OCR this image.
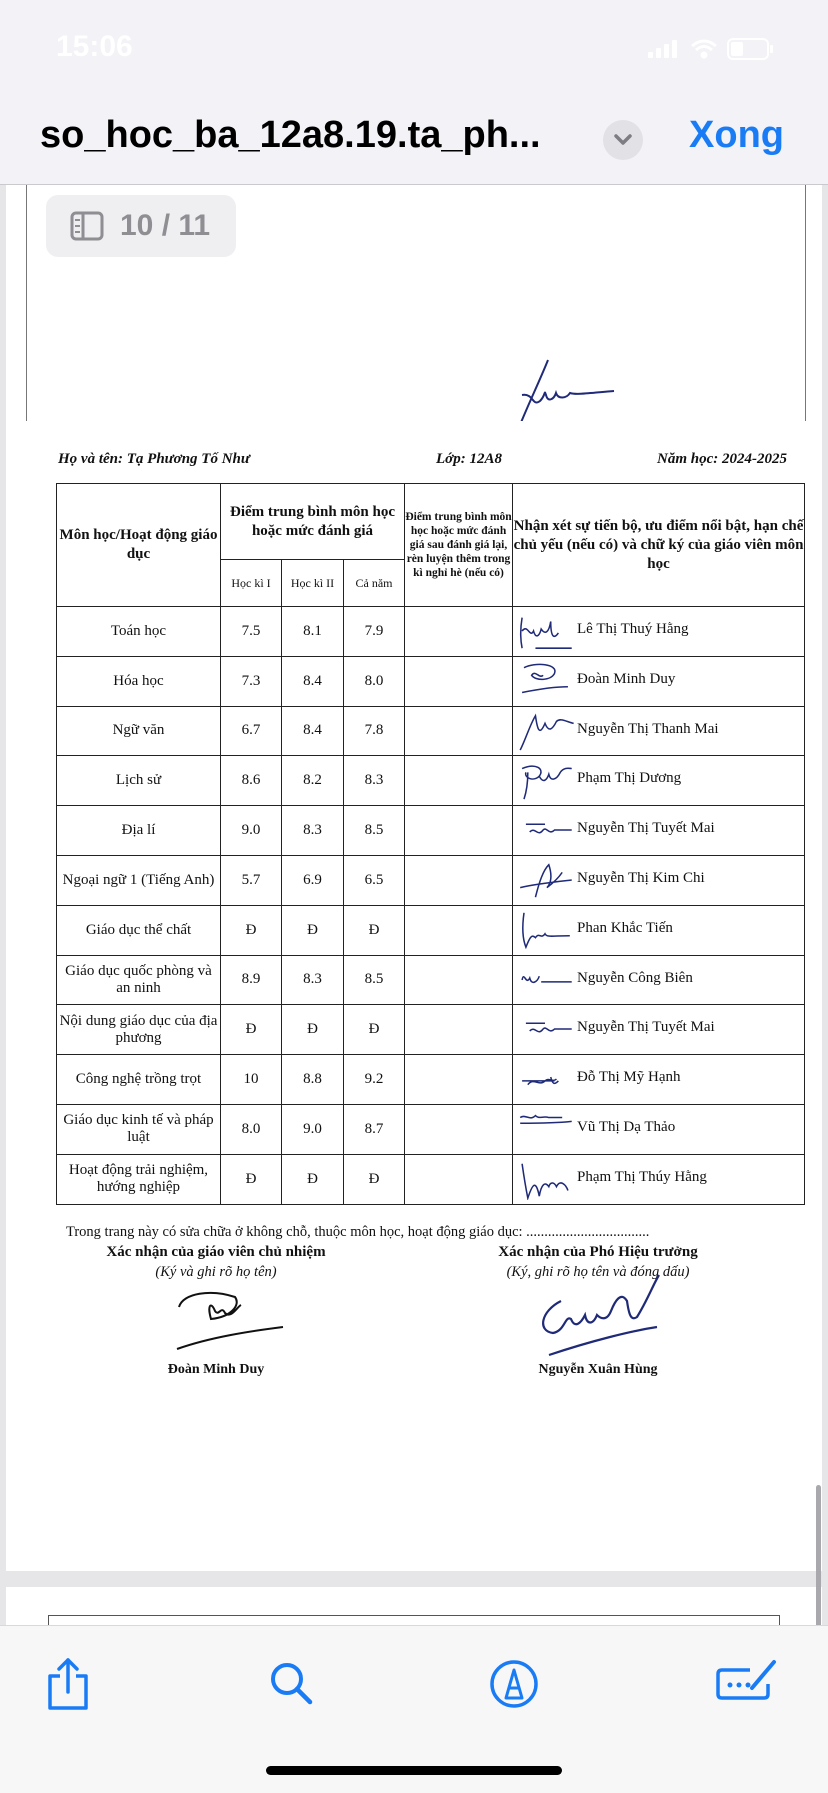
15:06
so_hoc_ba_12a8.19.ta_ph...	Xong
10 / 11
Họ và tên: Tạ Phương Tố Như	Lớp: 12A8	Năm học: 2024-2025
Môn học/Hoạt động giáo dục	Điểm trung bình môn học hoặc mức đánh giá			Điểm trung bình môn học hoặc mức đánh giá sau đánh giá lại, rèn luyện thêm trong kì nghỉ hè (nếu có)	Nhận xét sự tiến bộ, ưu điểm nổi bật, hạn chế chủ yếu (nếu có) và chữ ký của giáo viên môn học
	Học kì I	Học kì II	Cả năm		
Toán học	7.5	8.1	7.9		Lê Thị Thuý Hằng

Hóa học	7.3	8.4	8.0		Đoàn Minh Duy

Ngữ văn	6.7	8.4	7.8		Nguyễn Thị Thanh Mai

Lịch sử	8.6	8.2	8.3		Phạm Thị Dương

Địa lí	9.0	8.3	8.5		Nguyễn Thị Tuyết Mai

Ngoại ngữ 1 (Tiếng Anh)	5.7	6.9	6.5		Nguyễn Thị Kim Chi

Giáo dục thể chất	Đ	Đ	Đ		Phan Khắc Tiến

Giáo dục quốc phòng và an ninh	8.9	8.3	8.5		Nguyễn Công Biên

Nội dung giáo dục của địa phương	Đ	Đ	Đ		Nguyễn Thị Tuyết Mai

Công nghệ trồng trọt	10	8.8	9.2		Đỗ Thị Mỹ Hạnh

Giáo dục kinh tế và pháp luật	8.0	9.0	8.7		Vũ Thị Dạ Thảo

Hoạt động trải nghiệm, hướng nghiệp	Đ	Đ	Đ		Phạm Thị Thúy Hằng
Trong trang này có sửa chữa ở không chỗ, thuộc môn học, hoạt động giáo dục: ..................................
Xác nhận của giáo viên chủ nhiệm
(Ký và ghi rõ họ tên)
Đoàn Minh Duy
Xác nhận của Phó Hiệu trưởng
(Ký, ghi rõ họ tên và đóng dấu)
Nguyễn Xuân Hùng
